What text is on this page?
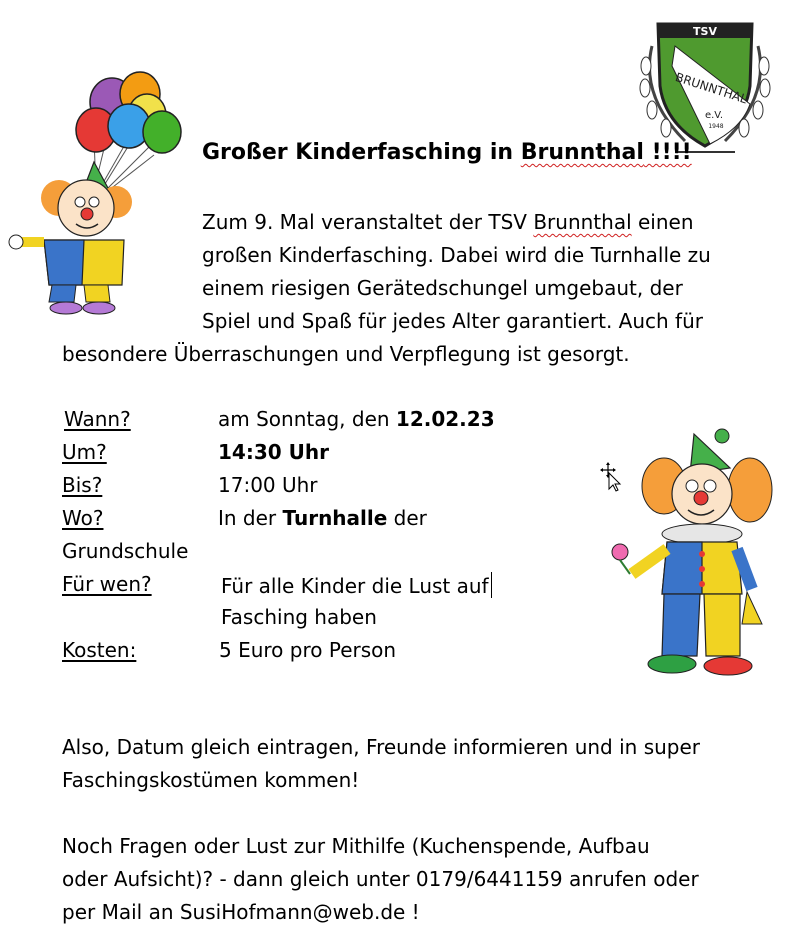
TSV
BRUNNTHAL
e.V.
1948
Großer Kinderfasching in Brunnthal !!!!
Zum 9. Mal veranstaltet der TSV Brunnthal einen
großen Kinderfasching. Dabei wird die Turnhalle zu
einem riesigen Gerätedschungel umgebaut, der
Spiel und Spaß für jedes Alter garantiert. Auch für
besondere Überraschungen und Verpflegung ist gesorgt.
Wann?	am Sonntag, den 12.02.23
Um?	14:30 Uhr
Bis?	17:00 Uhr
Wo?	In der Turnhalle der
Grundschule
Für wen?	Für alle Kinder die Lust auf
Fasching haben
Kosten:	5 Euro pro Person
Also, Datum gleich eintragen, Freunde informieren und in super
Faschingskostümen kommen!
Noch Fragen oder Lust zur Mithilfe (Kuchenspende, Aufbau
oder Aufsicht)? - dann gleich unter 0179/6441159 anrufen oder
per Mail an SusiHofmann@web.de !
